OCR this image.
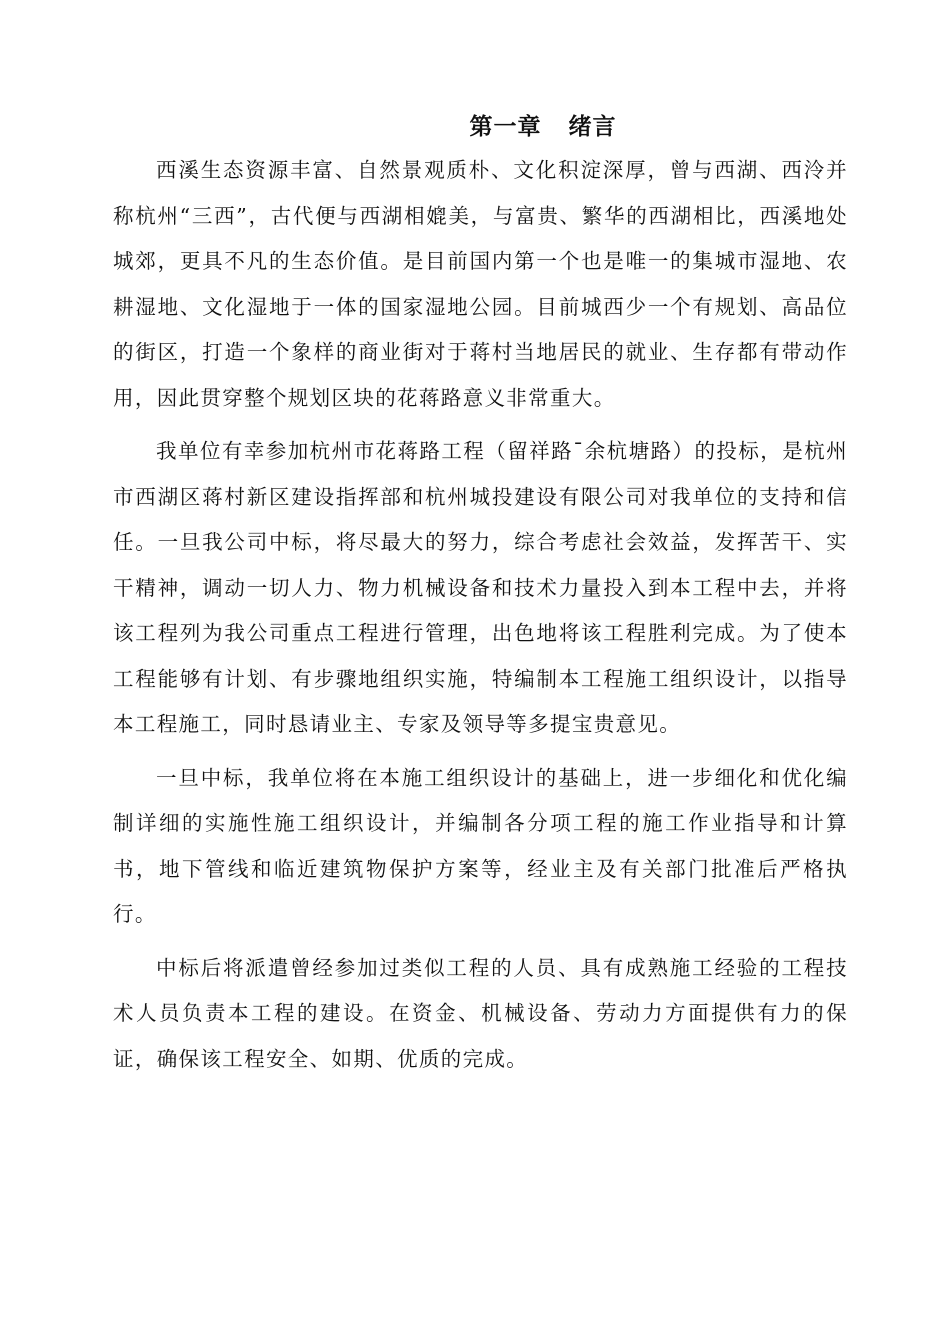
第一章   绪言

西溪生态资源丰富、自然景观质朴、文化积淀深厚，曾与西湖、西泠并称杭州“三西”，古代便与西湖相媲美，与富贵、繁华的西湖相比，西溪地处城郊，更具不凡的生态价值。是目前国内第一个也是唯一的集城市湿地、农耕湿地、文化湿地于一体的国家湿地公园。目前城西少一个有规划、高品位的街区，打造一个象样的商业街对于蒋村当地居民的就业、生存都有带动作用，因此贯穿整个规划区块的花蒋路意义非常重大。

我单位有幸参加杭州市花蒋路工程（留祥路¯余杭塘路）的投标，是杭州市西湖区蒋村新区建设指挥部和杭州城投建设有限公司对我单位的支持和信任。一旦我公司中标，将尽最大的努力，综合考虑社会效益，发挥苦干、实干精神，调动一切人力、物力机械设备和技术力量投入到本工程中去，并将该工程列为我公司重点工程进行管理，出色地将该工程胜利完成。为了使本工程能够有计划、有步骤地组织实施，特编制本工程施工组织设计，以指导本工程施工，同时恳请业主、专家及领导等多提宝贵意见。

一旦中标，我单位将在本施工组织设计的基础上，进一步细化和优化编制详细的实施性施工组织设计，并编制各分项工程的施工作业指导和计算书，地下管线和临近建筑物保护方案等，经业主及有关部门批准后严格执行。

中标后将派遣曾经参加过类似工程的人员、具有成熟施工经验的工程技术人员负责本工程的建设。在资金、机械设备、劳动力方面提供有力的保证，确保该工程安全、如期、优质的完成。
